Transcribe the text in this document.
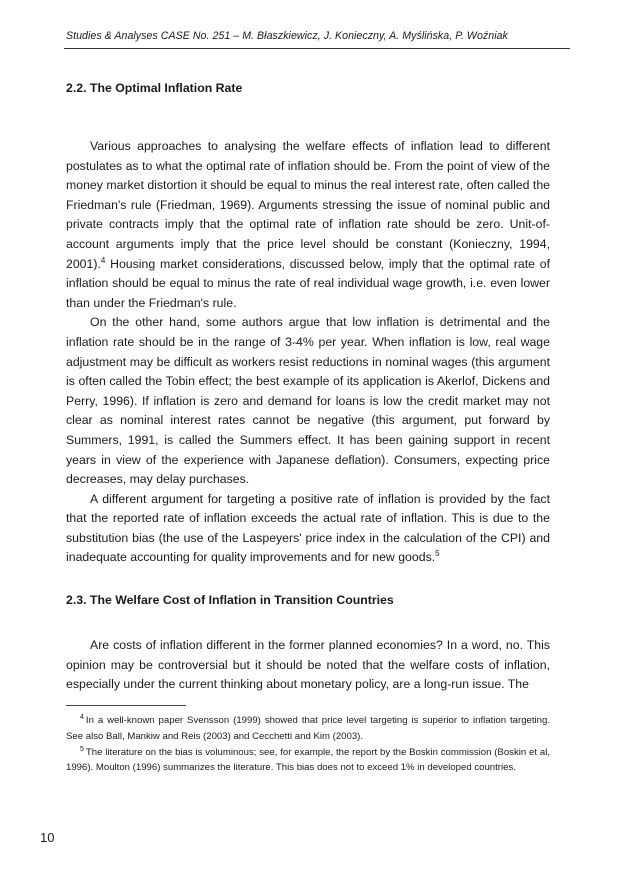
Studies & Analyses CASE No. 251 – M. Błaszkiewicz, J. Konieczny, A. Myślińska, P. Woźniak
2.2. The Optimal Inflation Rate

Various approaches to analysing the welfare effects of inflation lead to different postulates as to what the optimal rate of inflation should be. From the point of view of the money market distortion it should be equal to minus the real interest rate, often called the Friedman's rule (Friedman, 1969). Arguments stressing the issue of nominal public and private contracts imply that the optimal rate of inflation rate should be zero. Unit-of-account arguments imply that the price level should be constant (Konieczny, 1994, 2001).$^4$ Housing market considerations, discussed below, imply that the optimal rate of inflation should be equal to minus the rate of real individual wage growth, i.e. even lower than under the Friedman's rule.

On the other hand, some authors argue that low inflation is detrimental and the inflation rate should be in the range of 3-4% per year. When inflation is low, real wage adjustment may be difficult as workers resist reductions in nominal wages (this argument is often called the Tobin effect; the best example of its application is Akerlof, Dickens and Perry, 1996). If inflation is zero and demand for loans is low the credit market may not clear as nominal interest rates cannot be negative (this argument, put forward by Summers, 1991, is called the Summers effect. It has been gaining support in recent years in view of the experience with Japanese deflation). Consumers, expecting price decreases, may delay purchases.

A different argument for targeting a positive rate of inflation is provided by the fact that the reported rate of inflation exceeds the actual rate of inflation. This is due to the substitution bias (the use of the Laspeyers' price index in the calculation of the CPI) and inadequate accounting for quality improvements and for new goods.$^5$

2.3. The Welfare Cost of Inflation in Transition Countries

Are costs of inflation different in the former planned economies? In a word, no. This opinion may be controversial but it should be noted that the welfare costs of inflation, especially under the current thinking about monetary policy, are a long-run issue. The

$^4$ In a well-known paper Svensson (1999) showed that price level targeting is superior to inflation targeting. See also Ball, Mankiw and Reis (2003) and Cecchetti and Kim (2003).

$^5$ The literature on the bias is voluminous; see, for example, the report by the Boskin commission (Boskin et al, 1996). Moulton (1996) summarizes the literature. This bias does not to exceed 1% in developed countries.

10
